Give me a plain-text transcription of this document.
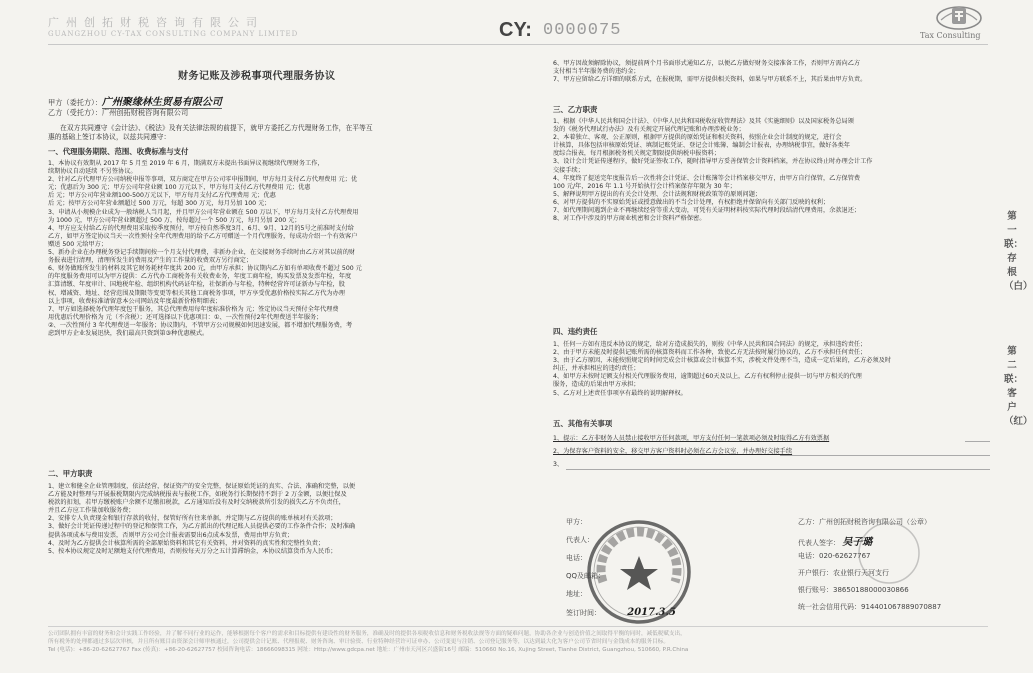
广州创拓财税咨询有限公司
GUANGZHOU CY-TAX CONSULTING COMPANY LIMITED	CY: 0000075	Tax Consulting
财务记账及涉税事项代理服务协议
甲方（委托方）：广州聚缘林生贸易有限公司
乙方（受托方）：广州创拓财税咨询有限公司
在双方共同遵守《会计法》、《税法》及有关法律法规的前提下，就甲方委托乙方代理财务工作，在平等互
惠的基础上签订本协议，以兹共同遵守：
一、代理服务期限、范围、收费标准与支付
1、本协议有效期从 2017 年 5 月至 2019 年 6 月，期满双方未提出书面异议视继续代理财务工作，
续期协议自动延续 不另签协议。
2、针对乙方代理甲方公司纳税申报等事项，双方商定在甲方公司零申报期间，甲方每月支付乙方代理费用 元；优
元；优惠后为 300 元；甲方公司年营业额 100 万元以下，甲方每月支付乙方代理费用 元；优惠
后 元；甲方公司年营业额100-500万元以下，甲方每月支付乙方代理费用 元；优惠
后 元；按甲方公司年营业额超过 500 万元，每超 300 万元，每月另加 100 元；
3、申请从小规模企业成为一般纳税人当月起，并且甲方公司年营业额在 500 万以下，甲方每月支付乙方代理费用
为 1000 元，甲方公司年营业额超过 500 万，按每超过一个 500 万元，每月另加 200 元；
4、甲方应支付给乙方的代理费用采取按季度预付，甲方按自然季度3月、6月、9月、12月的5号之前准时支付给
乙方，如甲方签定协议当天一次性预付全年代理费用的给予乙方可赠送一个月代理服务，每成功介绍一个有效客户
赠送 500 元给甲方；
5、新办企业在办理税务登记手续期间按一个月支付代理费，非新办企业，在交接财务手续时由乙方对其以前的财
务报表进行清理，清理所发生的费用及产生的工作量的收费双方另行商定；
6、财务做账所发生的材料及其它财务耗材年度共 200 元，由甲方承担；协议期内乙方如有单项收费不超过 500 元
的年度服务费用可以为甲方提供：乙方代办工商税务有关收费业务，年度工商年检，购买发票及发票年检，年度
汇算清缴、年度审计、国地税年检、组织机构代码证年检，社保新办与年检，特种经营许可证新办与年检，股
权、增减资、地址、经营范围及期限等变更等相关其他工商税务事项，甲方享受优惠价格按实际乙方代为办理
以上事项，收费标准请留意本公司网站及年度最新价格明细表；
7、甲方如选择税务代理年度包干服务，其总代理费用每年度标准价格为 元；签定协议当天预付全年代理费
用优惠后代理价格为 元（不含税）；还可选择以下优惠项目：①、一次性预付2年代理费送半年服务；
②、一次性预付 3 年代理费送一年服务；协议期内，不管甲方公司规模如何迅速发展，都不增加代理服务费，考
虑到甲方企业发展迅快，我们最高只资到第③种优惠模式。
二、甲方职责
1、建立和健全企业管理制度，依法经营，保证资产的安全完整，保证原始凭证的真实、合法、准确和完整，以便
乙方能及时整理与开展报税期限内完成纳税报表与报税工作，如税务行长期保持不到于 2 万金额，以便壮保及
税款的扣划，若甲方缴税账户余额不足缴扣税款，乙方通知后没有及时交纳税款所引发的损失乙方不负责任，
并且乙方应工作量加收服务费；
2、安排专人负责现金和银行存款的收付，保管好所有往来单据，并定期与乙方提供的账单核对有关款项；
3、做好会计凭证传递过程中的登记和保管工作，为乙方派出的代理记账人员提供必要的工作条件合作；及时准确
提供各项成本与费用发票，否则甲方公司会计报表需要出6点成本发票，费用由甲方负责；
4、及时为乙方提供会计核算所需的全部原始资料和其它有关资料，并对资料的真实性和完整性负责；
5、按本协议规定及时足额地支付代理费用，否则按每天万分之五计算滞纳金，本协议结算货币为人民币；
6、甲方因故须解除协议，须提前两个月书面形式通知乙方，以便乙方做好财务交接准备工作，否则甲方需向乙方
支付相当半年服务费的违约金；
7、甲方应留给乙方详细的联系方式，在报税期，需甲方提供相关资料，如果与甲方联系不上，其后果由甲方负责。
三、乙方职责
1、根据《中华人民共和国会计法》、《中华人民共和国税收征收管理法》及其《实施细则》以及国家税务总局颁
发的《税务代理试行办法》及有关规定开展代理记账和办理涉税业务；
2、本着独立、客观、公正原则，根据甲方提供的原始凭证和相关资料，按照企业会计制度的规定，进行会
计核算，具体包括审核原始凭证、填制记账凭证、登记会计账簿、编制会计报表，办理纳税事宜，做好各类年
度综合报表，每月根据税务机关规定期限提供纳税申报资料；
3、设计会计凭证传递程序，做好凭证签收工作，随时指导甲方妥善保管会计资料档案，并在协议终止时办理会计工作
交接手续；
4、年度终了提送完年度报告后一次性将会计凭证、会计账簿等会计档案移交甲方，由甲方自行保管，乙方保管费
100 元/年，2016 年 1.1 号开始执行会计档案保存年限为 30 年；
5、解释说明甲方提出的有关会计处理、会计法规和财税政策等的原则问题；
6、对甲方提供的不实原始凭证或授意做出的不当会计处理，有权拒绝并保留向有关部门反映的权利；
7、如代理期间遇到企业不再继续经营等重大变动，可凭有关证明材料按实际代理时段结清代理费用，余款退还；
8、对工作中涉及的甲方商业机密和会计资料严格保密。
四、违约责任
1、任何一方如有违反本协议的规定，给对方造成损失的，则按《中华人民共和国合同法》的规定，承担违约责任；
2、由于甲方未能及时提供记账所需的核算资料而工作各种，致使乙方无法按时履行协议的，乙方不承担任何责任；
3、由于乙方原因，未能按照规定的时间完成会计核算或会计核算不实，涉税文件处理不当，造成一定后果的，乙方必须及时
纠正，并承担相应的违约责任；
4、如甲方未按时足额支付相关代理服务费用，逾期超过60天及以上，乙方有权利停止提供一切与甲方相关的代理
服务，造成的后果由甲方承担；
5、乙方对上述责任事项享有最终的说明解释权。
五、其他有关事项
1、提示：乙方非财务人员禁止接收甲方任何款项，甲方支付任何一笔款项必须及时取得乙方有效票据
2、为保存客户资料的安全，移交甲方客户资料时必须在乙方会议室，并办理好交接手续
3、
甲方：
代表人：
电话：
QQ及邮箱：
地址：
签订时间：	2017.3.5
乙方：广州创拓财税咨询有限公司（公章）
代表人签字： 吴子璐
电话：020-62627767
开户银行：农业银行天河支行
银行账号：38650188000030866
统一社会信用代码：914401067889070887
第一联：存根（白）
第二联：客户（红）
公司团队拥有丰富的财务和会计实践工作经验，并了解不同行业的运作，能够根据每个客户的需求和目标提供有建设性的财务服务，准确及时的提供各项税收信息和财务税收法规等方面的疑难问题，协助各企业与创造价值之间取得平衡的同时，减低税赋支出，
所有税务的处理都通过多层次审核，并且所有账目由资深会计师审核通过，公司提供会计记账、代理报税、财务咨询、审计验资、行业特种经营许可证申办、公司变更与注销、公司登记服务等，以达到最大化为客户公司节省时间与金钱成本的服务目标。
Tel (电话)：+86-20-62627767 Fax (传真)：+86-20-62627757 校园咨询电话：18666098315 网址：Http://www.gdcpa.net 地址：广州市天河区兴盛街16号 邮编：510660 No.16, Xujing Street, Tianhe District, Guangzhou, 510660, P.R.China
